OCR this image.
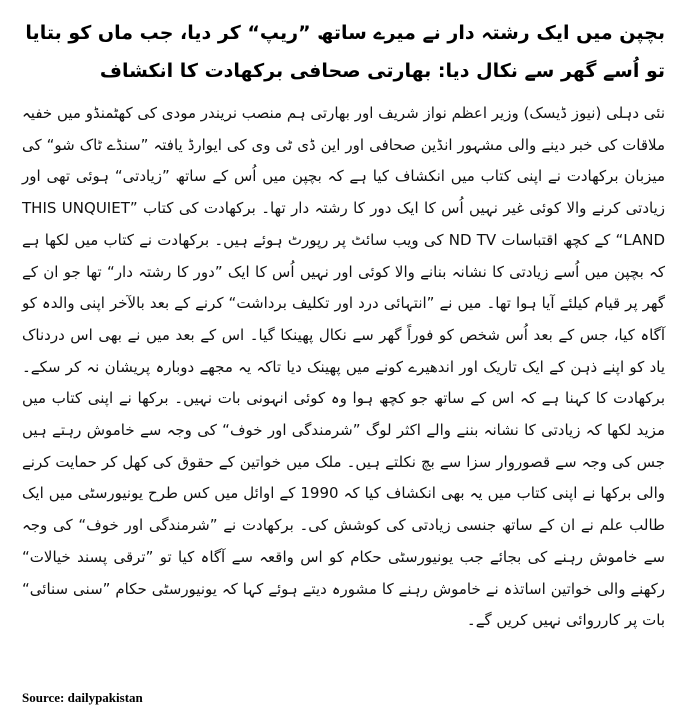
بچپن میں ایک رشتہ دار نے میرے ساتھ ”ریپ“ کر دیا، جب ماں کو بتایا تو اُسے گھر سے نکال دیا: بھارتی صحافی برکھادت کا انکشاف

نئی دہلی (نیوز ڈیسک) وزیر اعظم نواز شریف اور بھارتی ہم منصب نریندر مودی کی کھٹمنڈو میں خفیہ ملاقات کی خبر دینے والی مشہور انڈین صحافی اور این ڈی ٹی وی کی ایوارڈ یافتہ ”سنڈے ٹاک شو“ کی میزبان برکھادت نے اپنی کتاب میں انکشاف کیا ہے کہ بچپن میں اُس کے ساتھ ”زیادتی“ ہوئی تھی اور زیادتی کرنے والا کوئی غیر نہیں اُس کا ایک دور کا رشتہ دار تھا۔ برکھادت کی کتاب ”THIS UNQUIET LAND“ کے کچھ اقتباسات ND TV کی ویب سائٹ پر رپورٹ ہوئے ہیں۔ برکھادت نے کتاب میں لکھا ہے کہ بچپن میں اُسے زیادتی کا نشانہ بنانے والا کوئی اور نہیں اُس کا ایک ”دور کا رشتہ دار“ تھا جو ان کے گھر پر قیام کیلئے آیا ہوا تھا۔ میں نے ”انتہائی درد اور تکلیف برداشت“ کرنے کے بعد بالآخر اپنی والدہ کو آگاہ کیا، جس کے بعد اُس شخص کو فوراً گھر سے نکال پھینکا گیا۔ اس کے بعد میں نے بھی اس دردناک یاد کو اپنے ذہن کے ایک تاریک اور اندھیرے کونے میں پھینک دیا تاکہ یہ مجھے دوبارہ پریشان نہ کر سکے۔ برکھادت کا کہنا ہے کہ اس کے ساتھ جو کچھ ہوا وہ کوئی انہونی بات نہیں۔ برکھا نے اپنی کتاب میں مزید لکھا کہ زیادتی کا نشانہ بننے والے اکثر لوگ ”شرمندگی اور خوف“ کی وجہ سے خاموش رہتے ہیں جس کی وجہ سے قصوروار سزا سے بچ نکلتے ہیں۔ ملک میں خواتین کے حقوق کی کھل کر حمایت کرنے والی برکھا نے اپنی کتاب میں یہ بھی انکشاف کیا کہ 1990 کے اوائل میں کس طرح یونیورسٹی میں ایک طالب علم نے ان کے ساتھ جنسی زیادتی کی کوشش کی۔ برکھادت نے ”شرمندگی اور خوف“ کی وجہ سے خاموش رہنے کی بجائے جب یونیورسٹی حکام کو اس واقعہ سے آگاہ کیا تو ”ترقی پسند خیالات“ رکھنے والی خواتین اساتذہ نے خاموش رہنے کا مشورہ دیتے ہوئے کہا کہ یونیورسٹی حکام ”سنی سنائی“ بات پر کارروائی نہیں کریں گے۔

Source: dailypakistan
